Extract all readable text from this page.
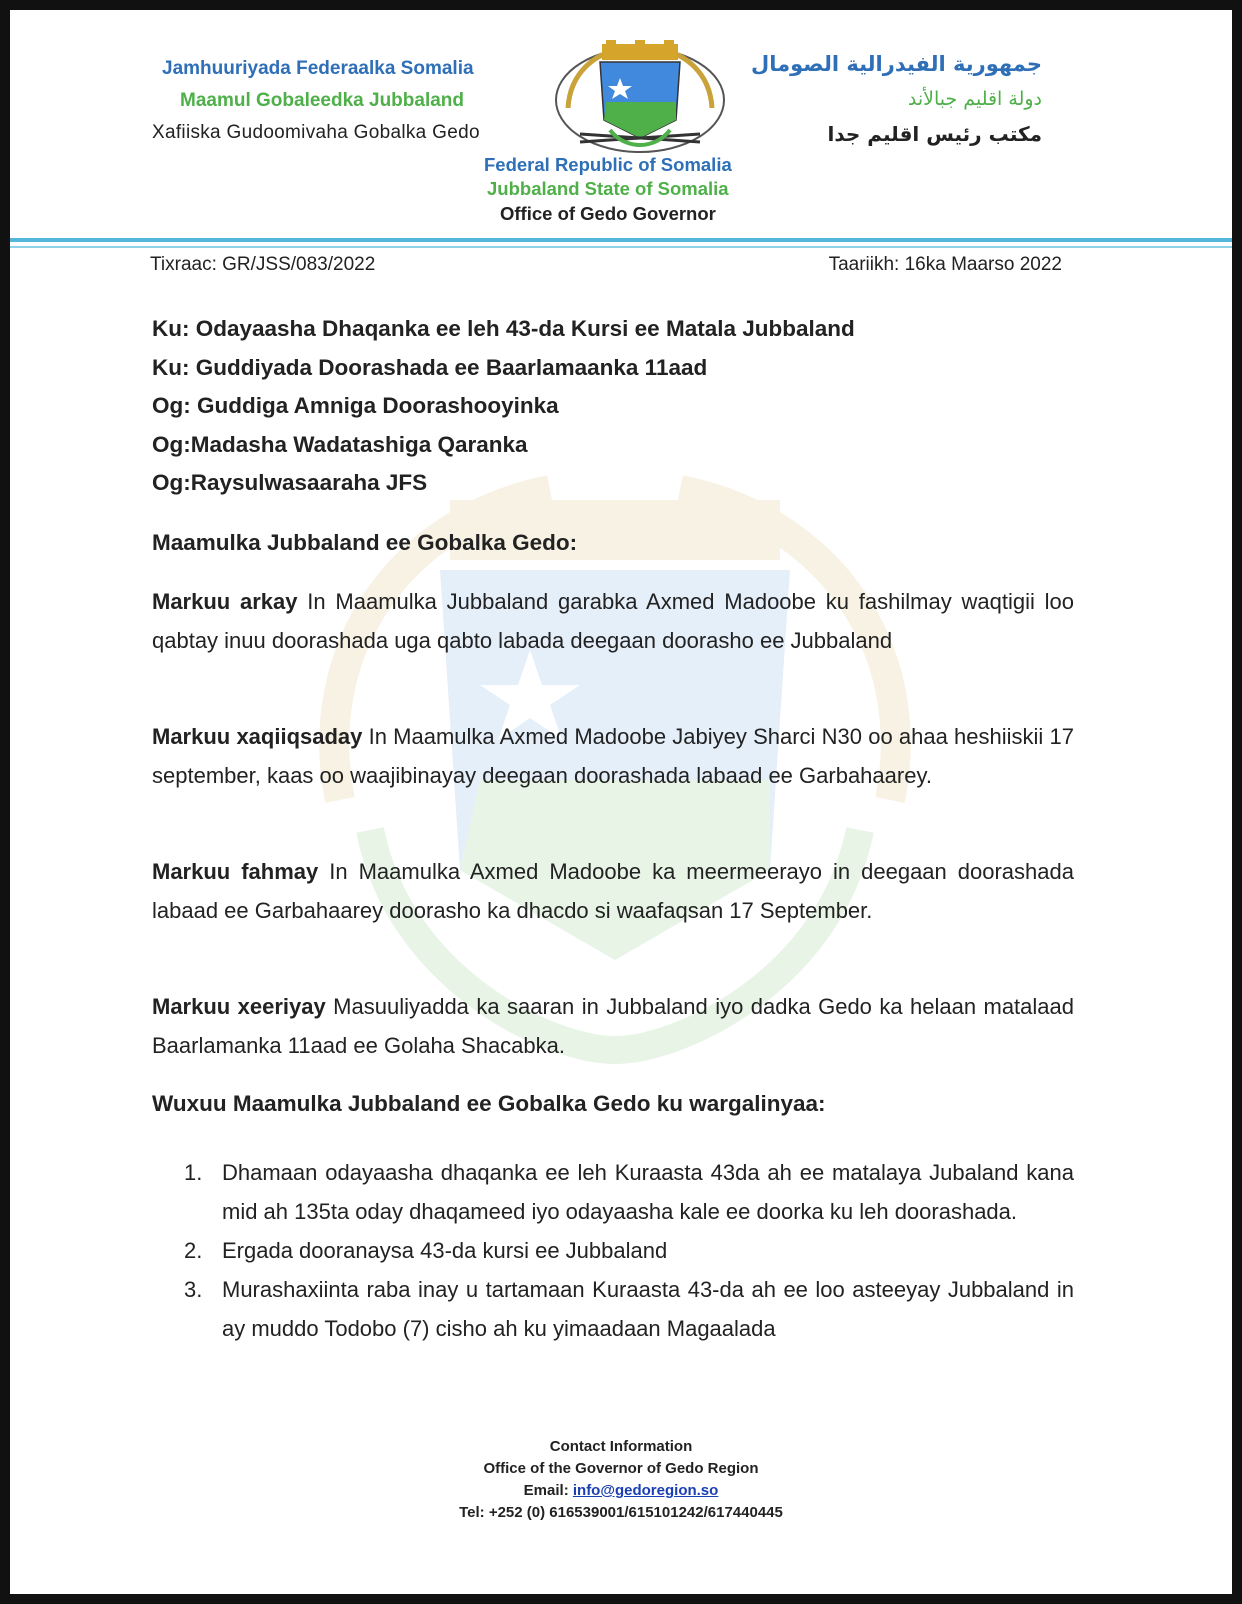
Jamhuuriyada Federaalka Somalia
Maamul Gobaleedka Jubbaland
Xafiiska Gudoomivaha Gobalka Gedo
جمهورية الفيدرالية الصومال
دولة اقليم جبالأند
مكتب رئيس اقليم جدا
Federal Republic of Somalia
Jubbaland State of Somalia
Office of Gedo Governor
Tixraac: GR/JSS/083/2022	Taariikh: 16ka Maarso 2022
Ku: Odayaasha Dhaqanka ee leh 43-da Kursi ee Matala Jubbaland
Ku: Guddiyada Doorashada ee Baarlamaanka 11aad
Og: Guddiga Amniga Doorashooyinka
Og:Madasha Wadatashiga Qaranka
Og:Raysulwasaaraha JFS
Maamulka Jubbaland ee Gobalka Gedo:
Markuu arkay In Maamulka Jubbaland garabka Axmed Madoobe ku fashilmay waqtigii loo qabtay inuu doorashada uga qabto labada deegaan doorasho ee Jubbaland
Markuu xaqiiqsaday In Maamulka Axmed Madoobe Jabiyey Sharci N30 oo ahaa heshiiskii 17 september, kaas oo waajibinayay deegaan doorashada labaad ee Garbahaarey.
Markuu fahmay In Maamulka Axmed Madoobe ka meermeerayo in deegaan doorashada labaad ee Garbahaarey doorasho ka dhacdo si waafaqsan 17 September.
Markuu xeeriyay Masuuliyadda ka saaran in Jubbaland iyo dadka Gedo ka helaan matalaad Baarlamanka 11aad ee Golaha Shacabka.
Wuxuu Maamulka Jubbaland ee Gobalka Gedo ku wargalinyaa:
1. Dhamaan odayaasha dhaqanka ee leh Kuraasta 43da ah ee matalaya Jubaland kana mid ah 135ta oday dhaqameed iyo odayaasha kale ee doorka ku leh doorashada.
2. Ergada dooranaysa 43-da kursi ee Jubbaland
3. Murashaxiinta raba inay u tartamaan Kuraasta 43-da ah ee loo asteeyay Jubbaland in ay muddo Todobo (7) cisho ah ku yimaadaan Magaalada
Contact Information
Office of the Governor of Gedo Region
Email: info@gedoregion.so
Tel: +252 (0) 616539001/615101242/617440445
